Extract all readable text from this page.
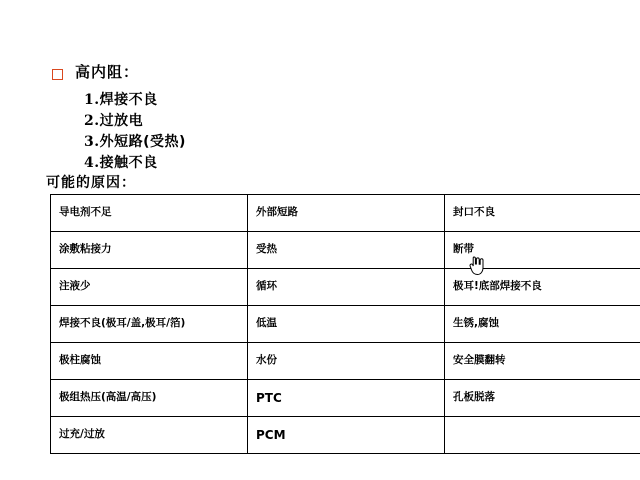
高内阻：
1.焊接不良
2.过放电
3.外短路(受热)
4.接触不良
可能的原因：
导电剂不足	外部短路	封口不良
涂敷粘接力	受热	断带
注液少	循环	极耳!底部焊接不良
焊接不良(极耳/盖,极耳/箔)	低温	生锈,腐蚀
极柱腐蚀	水份	安全膜翻转
极组热压(高温/高压)	PTC	孔板脱落
过充/过放	PCM	
